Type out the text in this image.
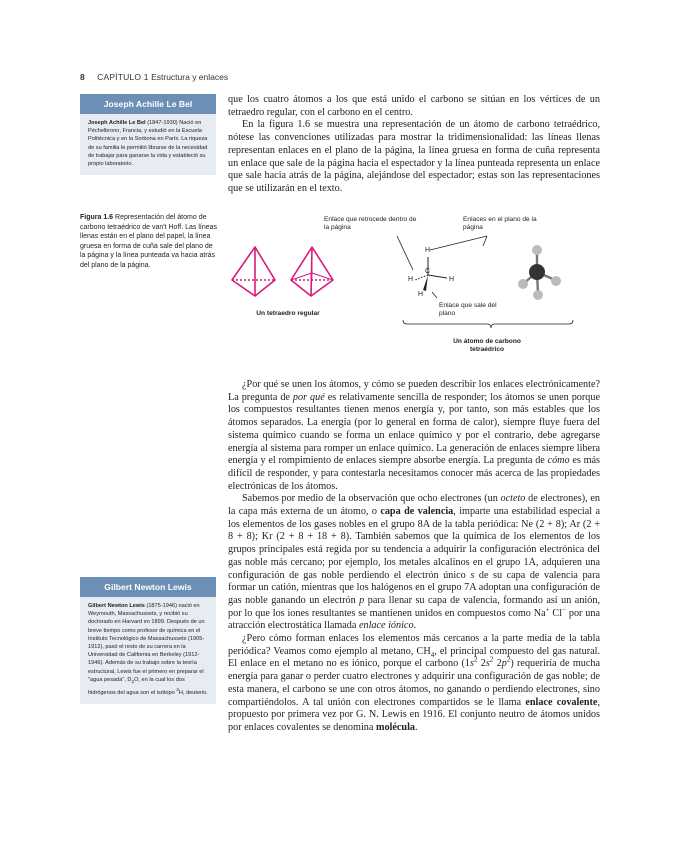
8 CAPÍTULO 1 Estructura y enlaces
Joseph Achille Le Bel
Joseph Achille Le Bel (1847-1930) Nació en Péchelbronn, Francia, y estudió en la Escuela Politécnica y en la Sorbona en París. La riqueza de su familia le permitió librarse de la necesidad de trabajar para ganarse la vida y estableció su propio laboratorio.
Figura 1.6 Representación del átomo de carbono tetraédrico de van't Hoff. Las líneas llenas están en el plano del papel, la línea gruesa en forma de cuña sale del plano de la página y la línea punteada va hacia atrás del plano de la página.

que los cuatro átomos a los que está unido el carbono se sitúan en los vértices de un tetraedro regular, con el carbono en el centro.

En la figura 1.6 se muestra una representación de un átomo de carbono tetraédrico, nótese las convenciones utilizadas para mostrar la tridimensionalidad: las líneas llenas representan enlaces en el plano de la página, la línea gruesa en forma de cuña representa un enlace que sale de la página hacia el espectador y la línea punteada representa un enlace que sale hacia atrás de la página, alejándose del espectador; estas son las representaciones que se utilizarán en el texto.

Enlace que retrocede dentro de la página
Enlaces en el plano de la página
Enlace que sale del plano
Un tetraedro regular
Un átomo de carbono tetraédrico
C
H
H	H
H
Gilbert Newton Lewis
Gilbert Newton Lewis (1875-1946) nació en Weymouth, Massachussets, y recibió su doctorado en Harvard en 1899. Después de un breve tiempo como profesor de química en el Instituto Tecnológico de Massachussets (1905-1912), pasó el resto de su carrera en la Universidad de California en Berkeley (1912-1946). Además de su trabajo sobre la teoría estructural, Lewis fue el primero en preparar el "agua pesada", $D_2O$, en la cual los dos hidrógenos del agua son el isótopo $^2$H, deuterio.

¿Por qué se unen los átomos, y cómo se pueden describir los enlaces electrónicamente? La pregunta de por qué es relativamente sencilla de responder; los átomos se unen porque los compuestos resultantes tienen menos energía y, por tanto, son más estables que los átomos separados. La energía (por lo general en forma de calor), siempre fluye fuera del sistema químico cuando se forma un enlace químico y por el contrario, debe agregarse energía al sistema para romper un enlace químico. La generación de enlaces siempre libera energía y el rompimiento de enlaces siempre absorbe energía. La pregunta de cómo es más difícil de responder, y para contestarla necesitamos conocer más acerca de las propiedades electrónicas de los átomos.

Sabemos por medio de la observación que ocho electrones (un octeto de electrones), en la capa más externa de un átomo, o capa de valencia, imparte una estabilidad especial a los elementos de los gases nobles en el grupo 8A de la tabla periódica: Ne (2 + 8); Ar (2 + 8 + 8); Kr (2 + 8 + 18 + 8). También sabemos que la química de los elementos de los grupos principales está regida por su tendencia a adquirir la configuración electrónica del gas noble más cercano; por ejemplo, los metales alcalinos en el grupo 1A, adquieren una configuración de gas noble perdiendo el electrón único s de su capa de valencia para formar un catión, mientras que los halógenos en el grupo 7A adoptan una configuración de gas noble ganando un electrón p para llenar su capa de valencia, formando así un anión, por lo que los iones resultantes se mantienen unidos en compuestos como Na+ Cl− por una atracción electrostática llamada enlace iónico.

¿Pero cómo forman enlaces los elementos más cercanos a la parte media de la tabla periódica? Veamos como ejemplo al metano, $CH_4$, el principal compuesto del gas natural. El enlace en el metano no es iónico, porque el carbono ($1s^2$ $2s^2$ $2p^2$) requeriría de mucha energía para ganar o perder cuatro electrones y adquirir una configuración de gas noble; de esta manera, el carbono se une con otros átomos, no ganando o perdiendo electrones, sino compartiéndolos. A tal unión con electrones compartidos se le llama enlace covalente, propuesto por primera vez por G. N. Lewis en 1916. El conjunto neutro de átomos unidos por enlaces covalentes se denomina molécula.
